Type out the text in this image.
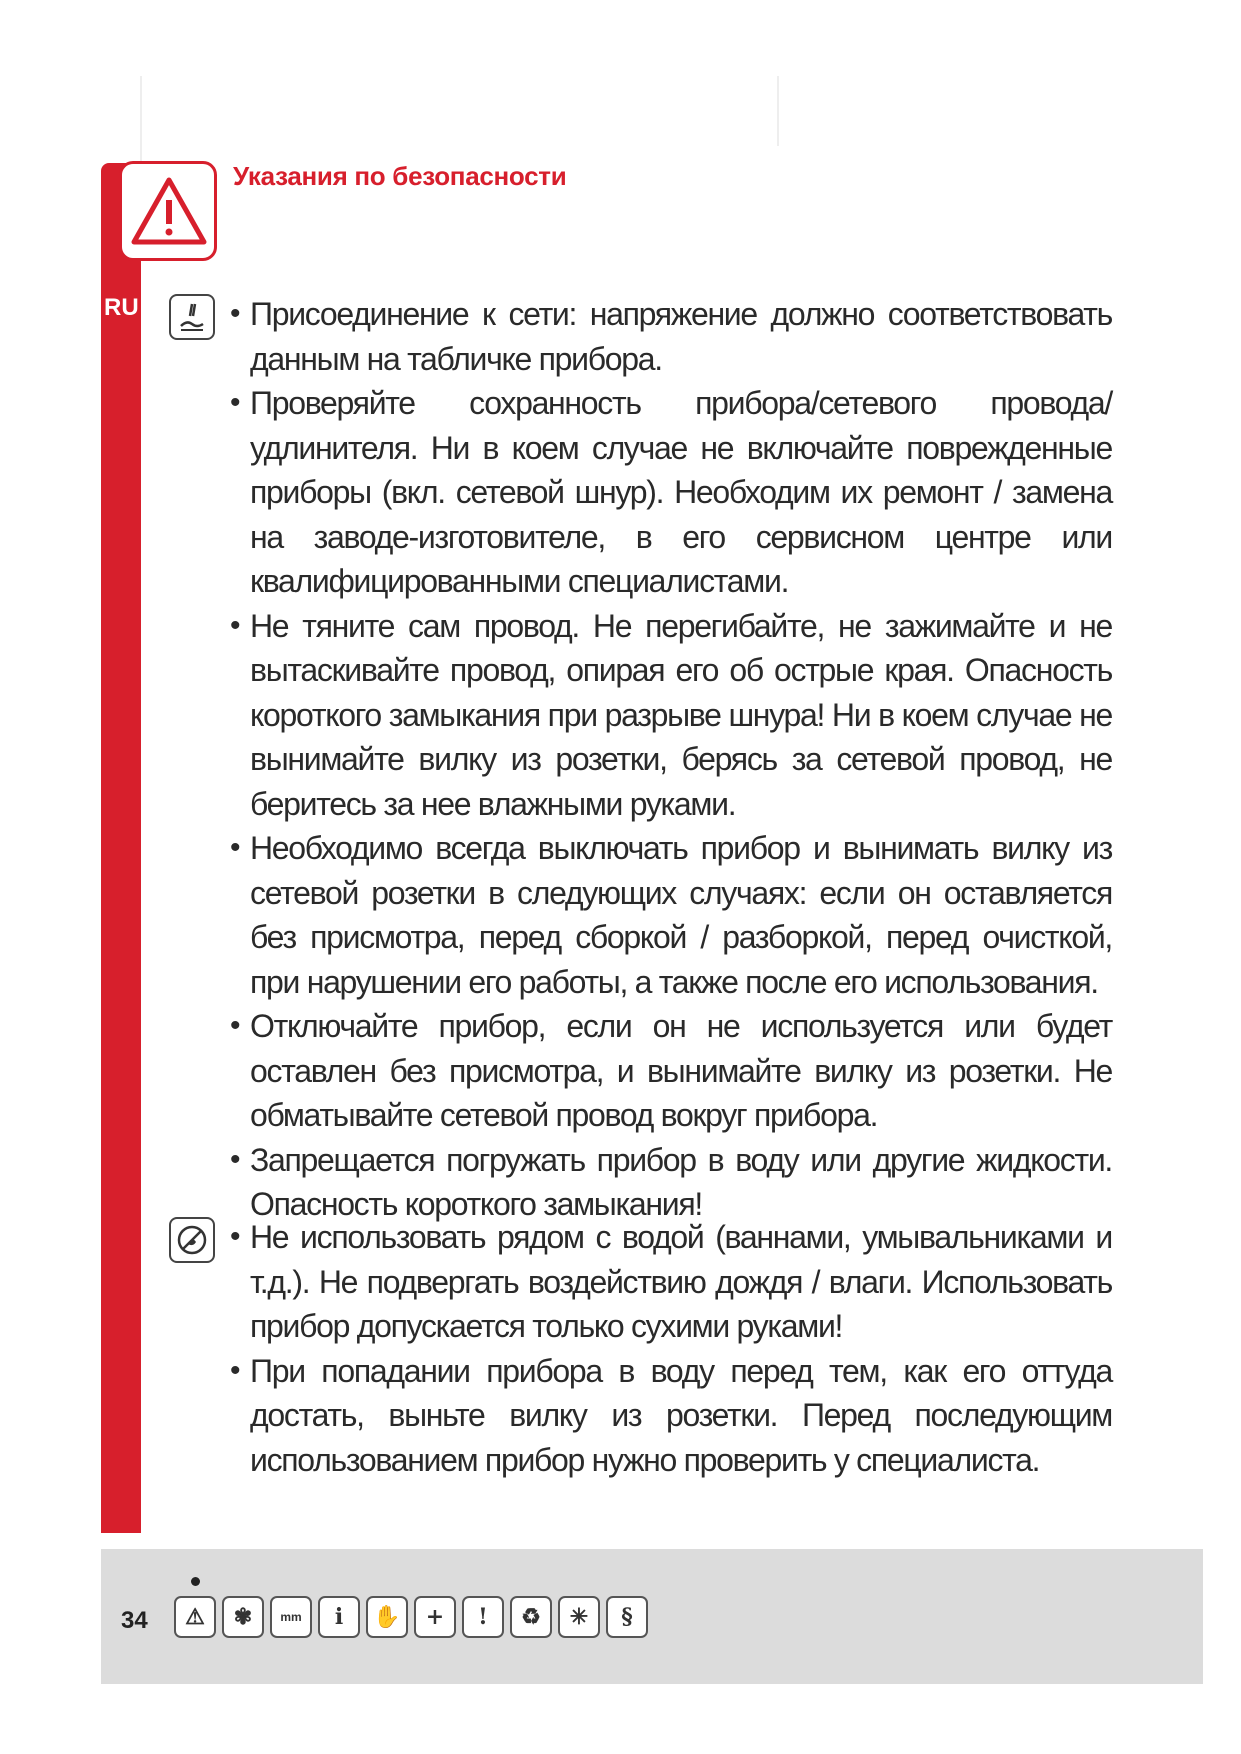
Указания по безопасности
RU
•	Присоединение к сети: напряжение должно соответствовать данным на табличке прибора.
• Проверяйте сохранность прибора/сетевого провода/удлинителя. Ни в коем случае не включайте поврежденные приборы (вкл. сетевой шнур). Необходим их ремонт / замена на заводе-изготовителе, в его сервисном центре или квалифицированными специалистами.
• Не тяните сам провод. Не перегибайте, не зажимайте и не вытаскивайте провод, опирая его об острые края. Опасность короткого замыкания при разрыве шнура! Ни в коем случае не вынимайте вилку из розетки, берясь за сетевой провод, не беритесь за нее влажными руками.
• Необходимо всегда выключать прибор и вынимать вилку из сетевой розетки в следующих случаях: если он оставляется без присмотра, перед сборкой / разборкой, перед очисткой, при нарушении его работы, а также после его использования.
• Отключайте прибор, если он не используется или будет оставлен без присмотра, и вынимайте вилку из розетки. Не обматывайте сетевой провод вокруг прибора.
• Запрещается погружать прибор в воду или другие жидкости. Опасность короткого замыкания!
• Не использовать рядом с водой (ваннами, умывальниками и т.д.). Не подвергать воздействию дождя / влаги. Использовать прибор допускается только сухими руками!
• При попадании прибора в воду перед тем, как его оттуда достать, выньте вилку из розетки. Перед последующим использованием прибор нужно проверить у специалиста.
34	⚠	✾	mm	i	✋	+	!	♻	✳	§
